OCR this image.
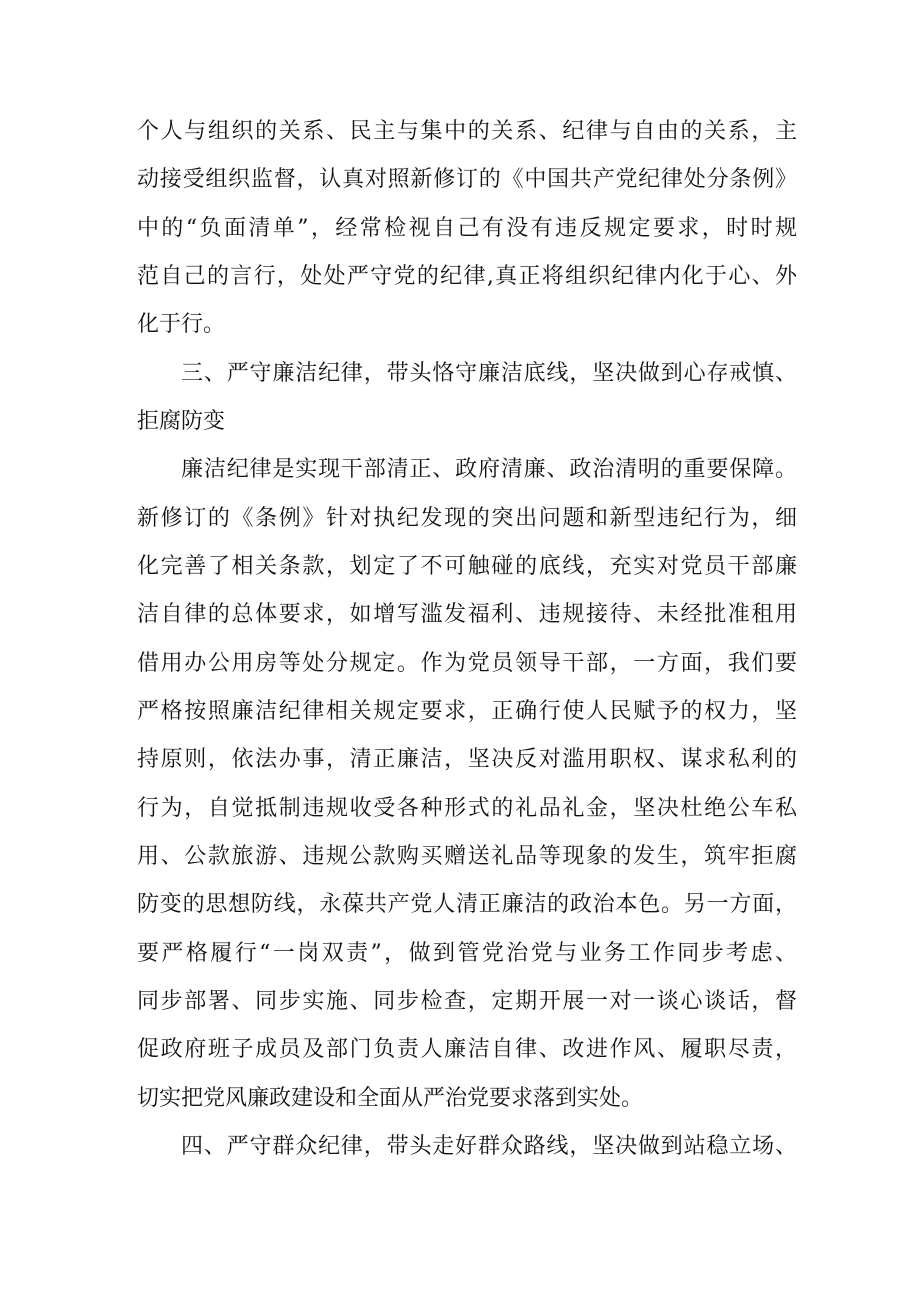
个人与组织的关系、民主与集中的关系、纪律与自由的关系，主
动接受组织监督，认真对照新修订的《中国共产党纪律处分条例》
中的“负面清单”，经常检视自己有没有违反规定要求，时时规
范自己的言行，处处严守党的纪律,真正将组织纪律内化于心、外
化于行。
三、严守廉洁纪律，带头恪守廉洁底线，坚决做到心存戒慎、
拒腐防变
廉洁纪律是实现干部清正、政府清廉、政治清明的重要保障。
新修订的《条例》针对执纪发现的突出问题和新型违纪行为，细
化完善了相关条款，划定了不可触碰的底线，充实对党员干部廉
洁自律的总体要求，如增写滥发福利、违规接待、未经批准租用
借用办公用房等处分规定。作为党员领导干部，一方面，我们要
严格按照廉洁纪律相关规定要求，正确行使人民赋予的权力，坚
持原则，依法办事，清正廉洁，坚决反对滥用职权、谋求私利的
行为，自觉抵制违规收受各种形式的礼品礼金，坚决杜绝公车私
用、公款旅游、违规公款购买赠送礼品等现象的发生，筑牢拒腐
防变的思想防线，永葆共产党人清正廉洁的政治本色。另一方面，
要严格履行“一岗双责”，做到管党治党与业务工作同步考虑、
同步部署、同步实施、同步检查，定期开展一对一谈心谈话，督
促政府班子成员及部门负责人廉洁自律、改进作风、履职尽责，
切实把党风廉政建设和全面从严治党要求落到实处。
四、严守群众纪律，带头走好群众路线，坚决做到站稳立场、
